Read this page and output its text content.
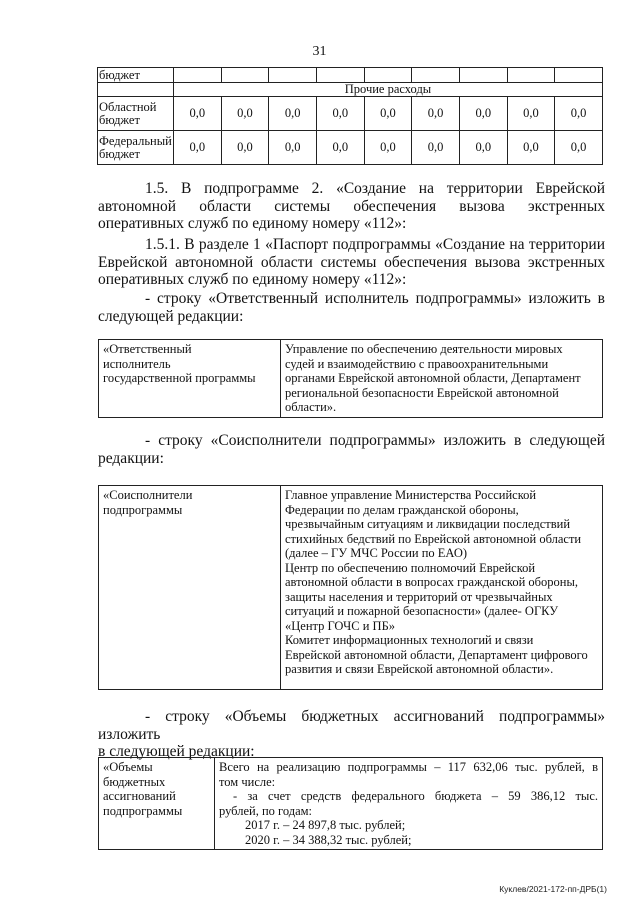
31
бюджет									
	Прочие расходы								
Областной бюджет	0,0	0,0	0,0	0,0	0,0	0,0	0,0	0,0	0,0
Федеральный бюджет	0,0	0,0	0,0	0,0	0,0	0,0	0,0	0,0	0,0
1.5. В подпрограмме 2. «Создание на территории Еврейской
автономной области системы обеспечения вызова экстренных
оперативных служб по единому номеру «112»:
1.5.1. В разделе 1 «Паспорт подпрограммы «Создание на территории
Еврейской автономной области системы обеспечения вызова экстренных
оперативных служб по единому номеру «112»:
- строку «Ответственный исполнитель подпрограммы» изложить в
следующей редакции:
«Ответственный
исполнитель
государственной программы

Управление по обеспечению деятельности мировых
судей и взаимодействию с правоохранительными
органами Еврейской автономной области, Департамент
региональной безопасности Еврейской автономной
области».
- строку «Соисполнители подпрограммы» изложить в следующей
редакции:
«Соисполнители
подпрограммы

Главное управление Министерства Российской
Федерации по делам гражданской обороны,
чрезвычайным ситуациям и ликвидации последствий
стихийных бедствий по Еврейской автономной области
(далее – ГУ МЧС России по ЕАО)
Центр по обеспечению полномочий Еврейской
автономной области в вопросах гражданской обороны,
защиты населения и территорий от чрезвычайных
ситуаций и пожарной безопасности» (далее- ОГКУ
«Центр ГОЧС и ПБ»
Комитет информационных технологий и связи
Еврейской автономной области, Департамент цифрового
развития и связи Еврейской автономной области».
- строку «Объемы бюджетных ассигнований подпрограммы» изложить
в следующей редакции:
«Объемы
бюджетных
ассигнований
подпрограммы

Всего на реализацию подпрограммы – 117 632,06 тыс. рублей, в
том числе:
- за счет средств федерального бюджета – 59 386,12 тыс.
рублей, по годам:
2017 г. – 24 897,8 тыс. рублей;
2020 г. – 34 388,32 тыс. рублей;
Куклев/2021-172-пп-ДРБ(1)
